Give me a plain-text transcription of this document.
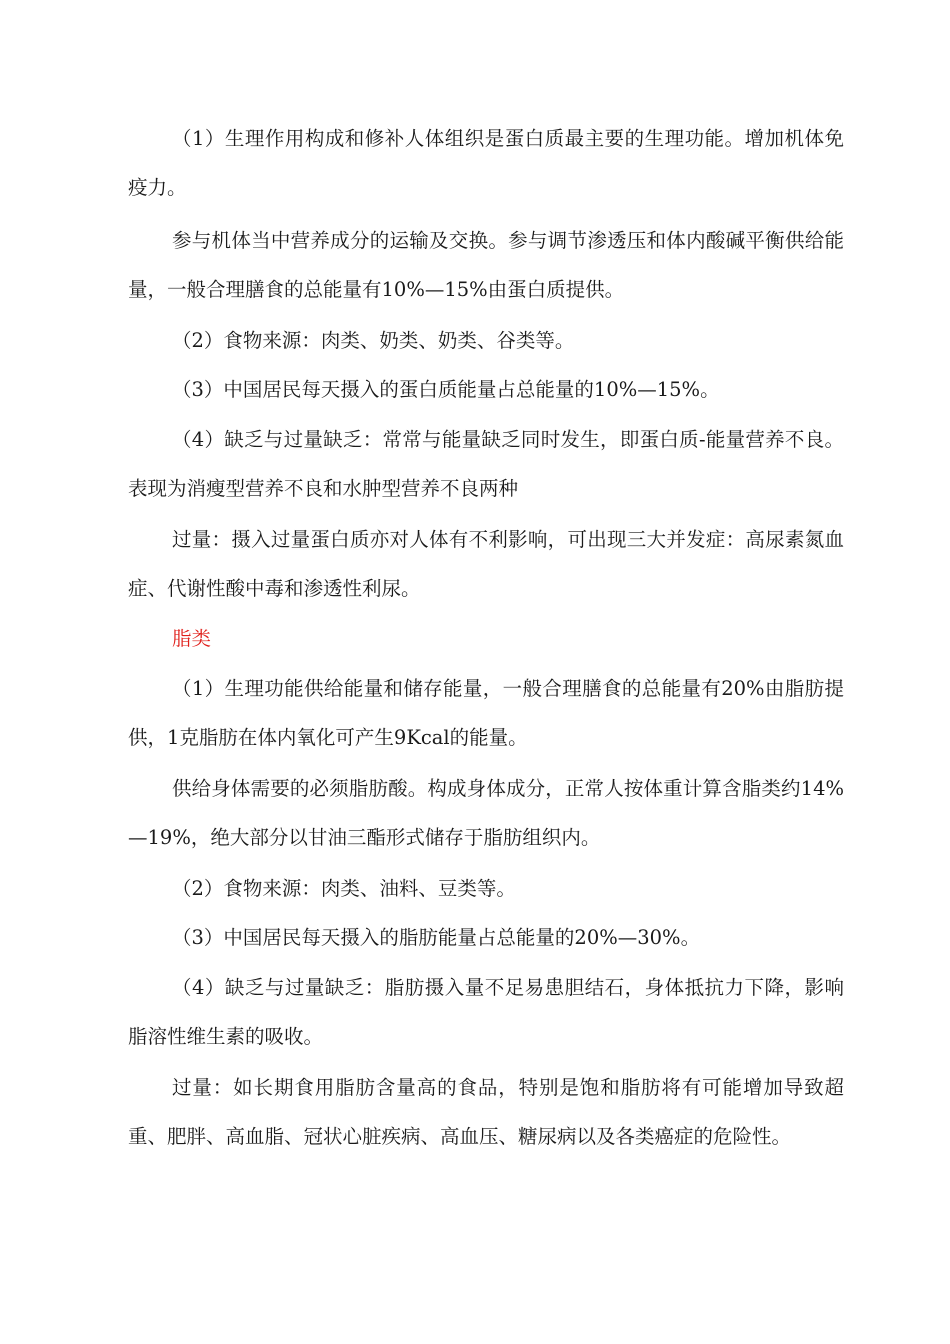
（1）生理作用构成和修补人体组织是蛋白质最主要的生理功能。增加机体免疫力。

参与机体当中营养成分的运输及交换。参与调节渗透压和体内酸碱平衡供给能量，一般合理膳食的总能量有10%—15%由蛋白质提供。

（2）食物来源：肉类、奶类、奶类、谷类等。

（3）中国居民每天摄入的蛋白质能量占总能量的10%—15%。

（4）缺乏与过量缺乏：常常与能量缺乏同时发生，即蛋白质-能量营养不良。表现为消瘦型营养不良和水肿型营养不良两种

过量：摄入过量蛋白质亦对人体有不利影响，可出现三大并发症：高尿素氮血症、代谢性酸中毒和渗透性利尿。

脂类

（1）生理功能供给能量和储存能量，一般合理膳食的总能量有20%由脂肪提供，1克脂肪在体内氧化可产生9Kcal的能量。

供给身体需要的必须脂肪酸。构成身体成分，正常人按体重计算含脂类约14%—19%，绝大部分以甘油三酯形式储存于脂肪组织内。

（2）食物来源：肉类、油料、豆类等。

（3）中国居民每天摄入的脂肪能量占总能量的20%—30%。

（4）缺乏与过量缺乏：脂肪摄入量不足易患胆结石，身体抵抗力下降，影响脂溶性维生素的吸收。

过量：如长期食用脂肪含量高的食品，特别是饱和脂肪将有可能增加导致超重、肥胖、高血脂、冠状心脏疾病、高血压、糖尿病以及各类癌症的危险性。
